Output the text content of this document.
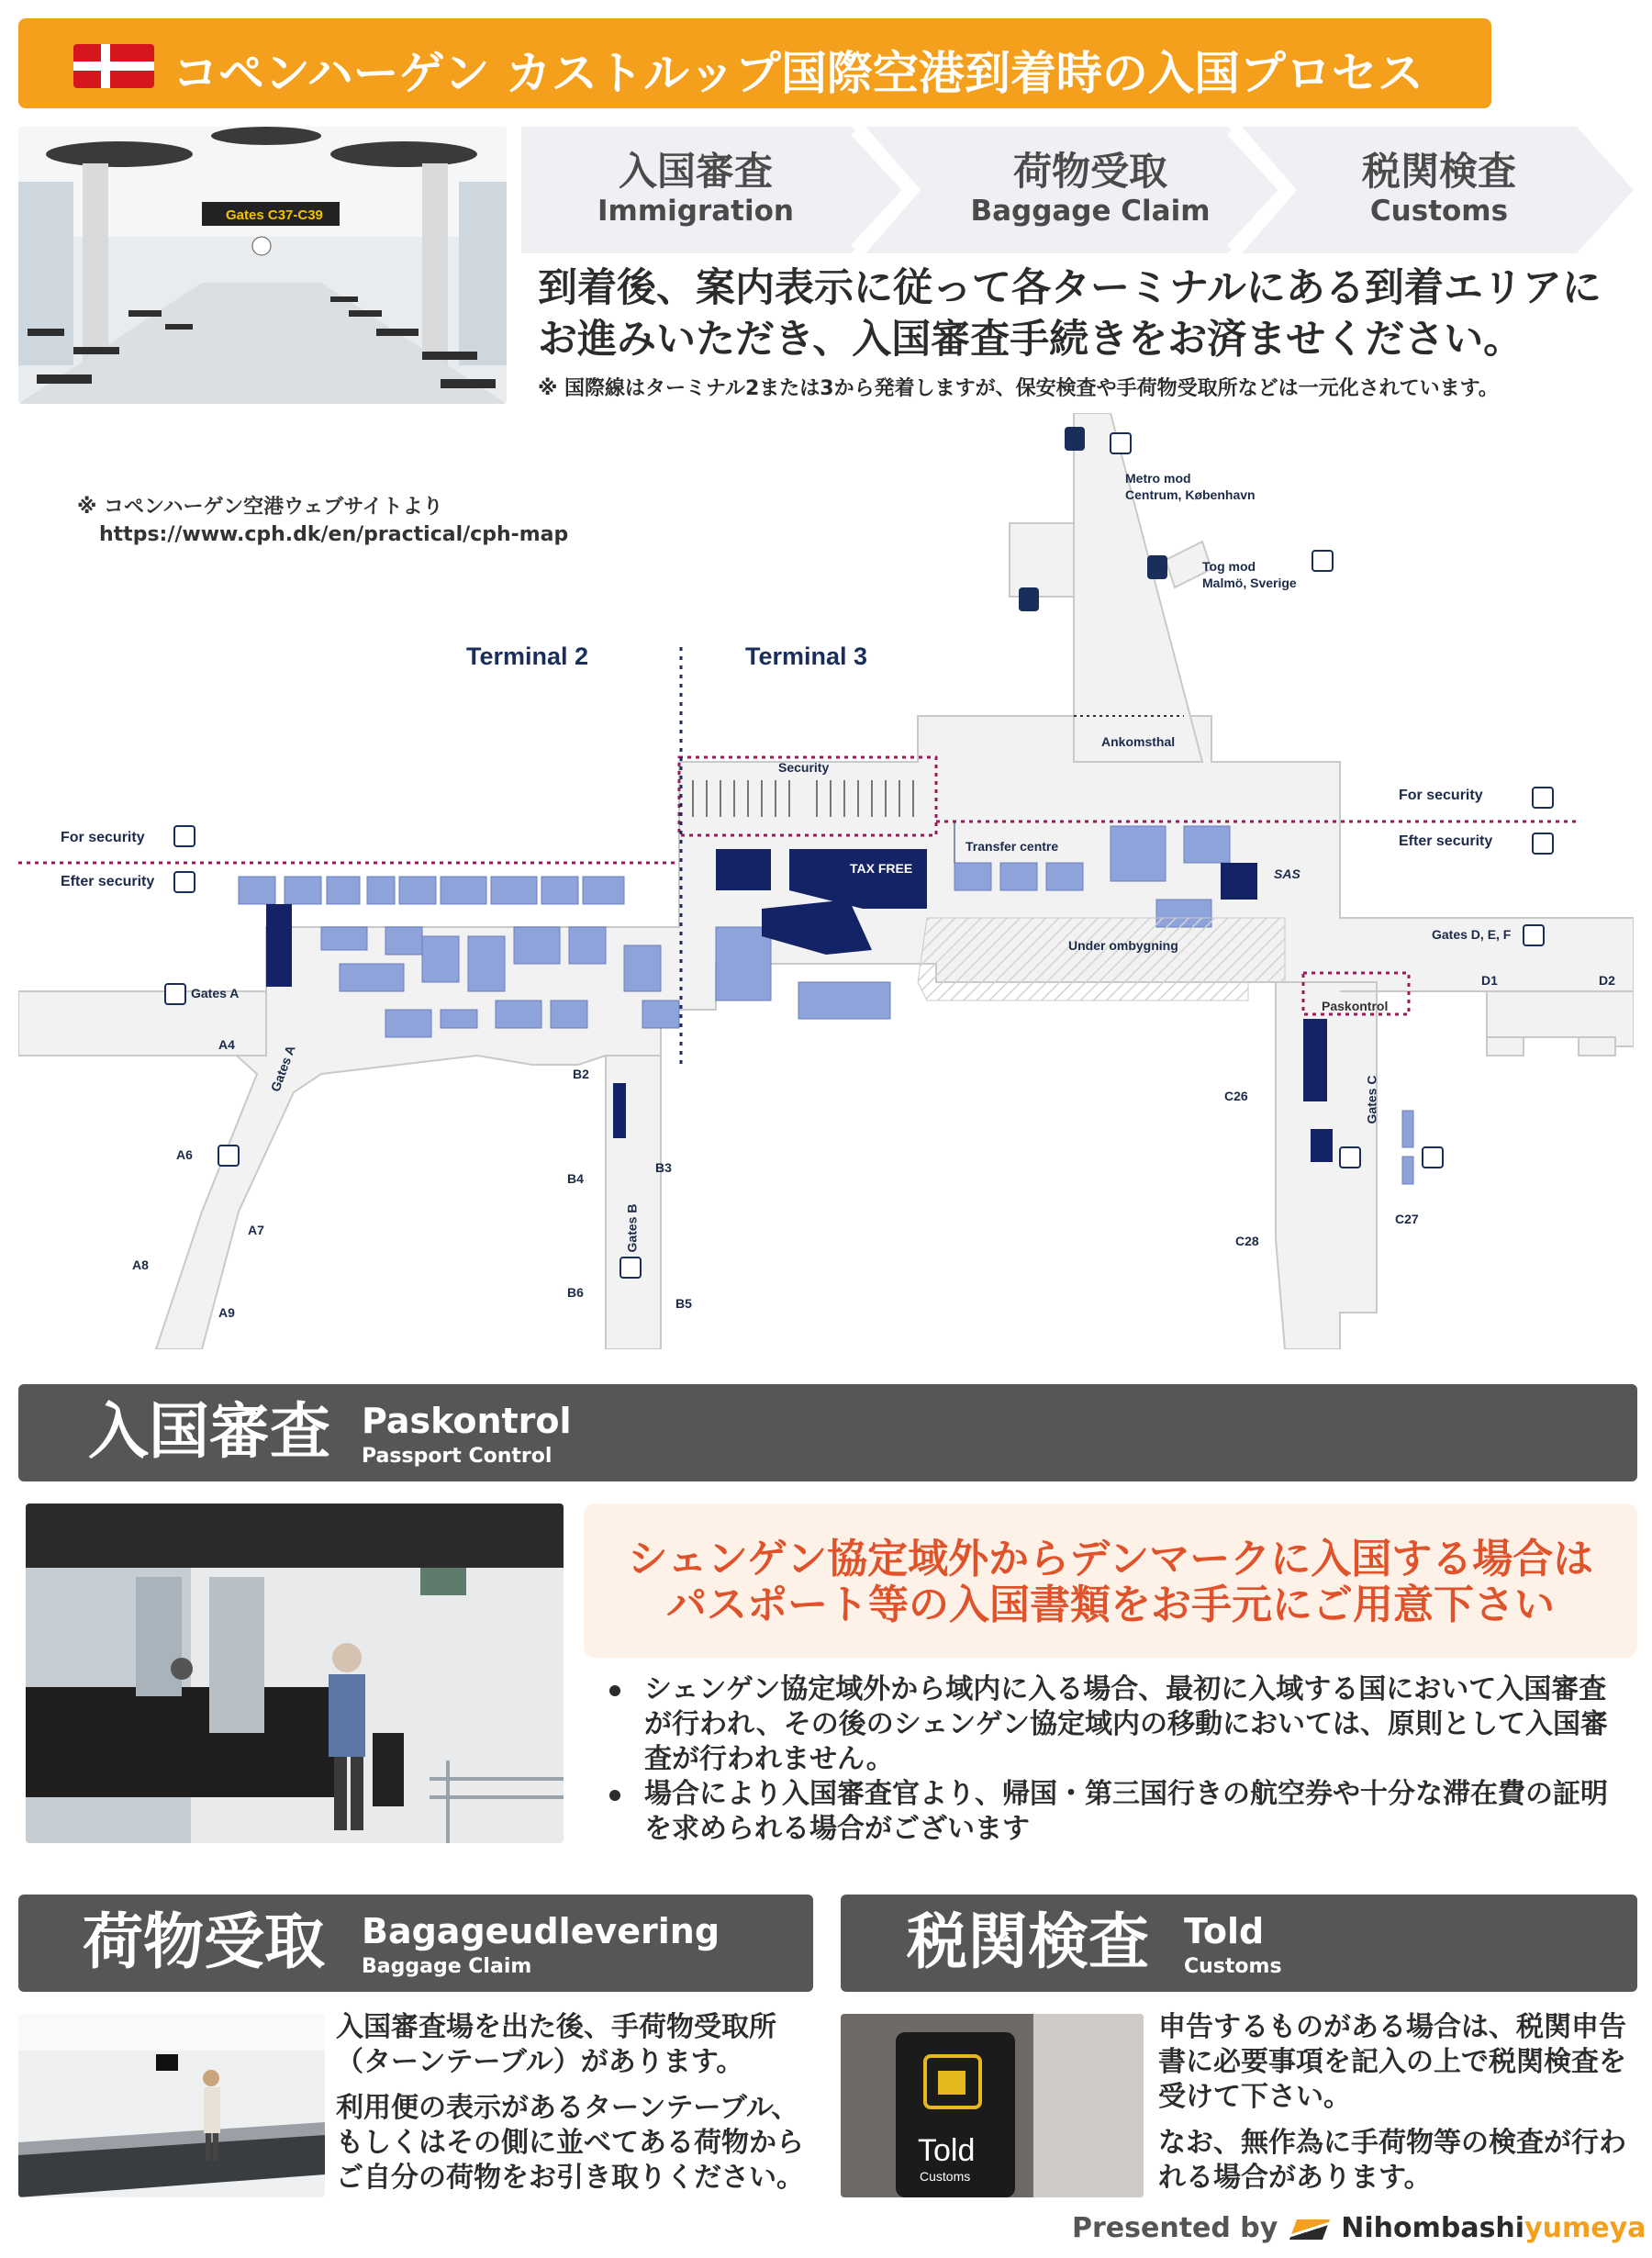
コペンハーゲン カストルップ国際空港到着時の入国プロセス
Gates C37-C39
入国審査
Immigration
荷物受取
Baggage Claim
税関検査
Customs
到着後、案内表示に従って各ターミナルにある到着エリアに
お進みいただき、入国審査手続きをお済ませください。
※ 国際線はターミナル2または3から発着しますが、保安検査や手荷物受取所などは一元化されています。
Terminal 2	Terminal 3
Metro mod
Centrum, København
Tog mod
Malmö, Sverige
Ankomsthal
Security
For security
Efter security
For security
Efter security
Transfer centre
TAX FREE	SAS
Under ombygning
Gates D, E, F
Gates A
Gates A
Gates B
Gates C
Paskontrol
A4
A6
A7
A8
A9
B2
B3
B4
B5
B6
C26
C27
C28
D1	D2
※ コペンハーゲン空港ウェブサイトより
https://www.cph.dk/en/practical/cph-map
入国審査 Paskontrol
Passport Control
シェンゲン協定域外からデンマークに入国する場合は
パスポート等の入国書類をお手元にご用意下さい
シェンゲン協定域外から域内に入る場合、最初に入域する国において入国審査が行われ、その後のシェンゲン協定域内の移動においては、原則として入国審査が行われません。
場合により入国審査官より、帰国・第三国行きの航空券や十分な滞在費の証明を求められる場合がございます
荷物受取 Bagageudlevering
Baggage Claim

入国審査場を出た後、手荷物受取所（ターンテーブル）があります。

利用便の表示があるターンテーブル、もしくはその側に並べてある荷物からご自分の荷物をお引き取りください。

税関検査 Told
Customs
Told
Customs

申告するものがある場合は、税関申告書に必要事項を記入の上で税関検査を受けて下さい。

なお、無作為に手荷物等の検査が行われる場合があります。

Presented by Nihombashiyumeya
